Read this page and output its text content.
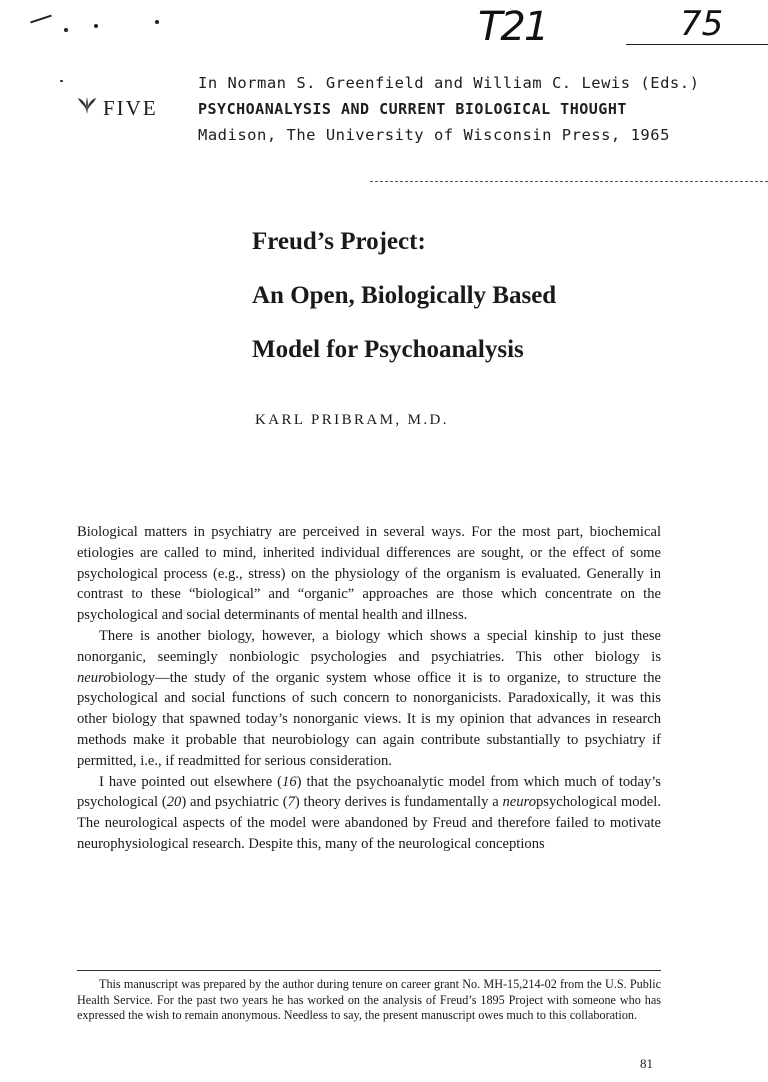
T21	75
In Norman S. Greenfield and William C. Lewis (Eds.)
PSYCHOANALYSIS AND CURRENT BIOLOGICAL THOUGHT
Madison, The University of Wisconsin Press, 1965
FIVE
Freud’s Project:
An Open, Biologically Based
Model for Psychoanalysis
KARL PRIBRAM, M.D.

Biological matters in psychiatry are perceived in several ways. For the most part, biochemical etiologies are called to mind, inherited individual differences are sought, or the effect of some psychological process (e.g., stress) on the physiology of the organism is evaluated. Generally in contrast to these “biological” and “organic” approaches are those which concentrate on the psychological and social determinants of mental health and illness.

There is another biology, however, a biology which shows a special kinship to just these nonorganic, seemingly nonbiologic psychologies and psychiatries. This other biology is neurobiology—the study of the organic system whose office it is to organize, to structure the psychological and social functions of such concern to nonorganicists. Paradoxically, it was this other biology that spawned today’s nonorganic views. It is my opinion that advances in research methods make it probable that neurobiology can again contribute substantially to psychiatry if permitted, i.e., if readmitted for serious consideration.

I have pointed out elsewhere (16) that the psychoanalytic model from which much of today’s psychological (20) and psychiatric (7) theory derives is fundamentally a neuropsychological model. The neurological aspects of the model were abandoned by Freud and therefore failed to motivate neurophysiological research. Despite this, many of the neurological conceptions

This manuscript was prepared by the author during tenure on career grant No. MH-15,214-02 from the U.S. Public Health Service. For the past two years he has worked on the analysis of Freud’s 1895 Project with someone who has expressed the wish to remain anonymous. Needless to say, the present manuscript owes much to this collaboration.
81
